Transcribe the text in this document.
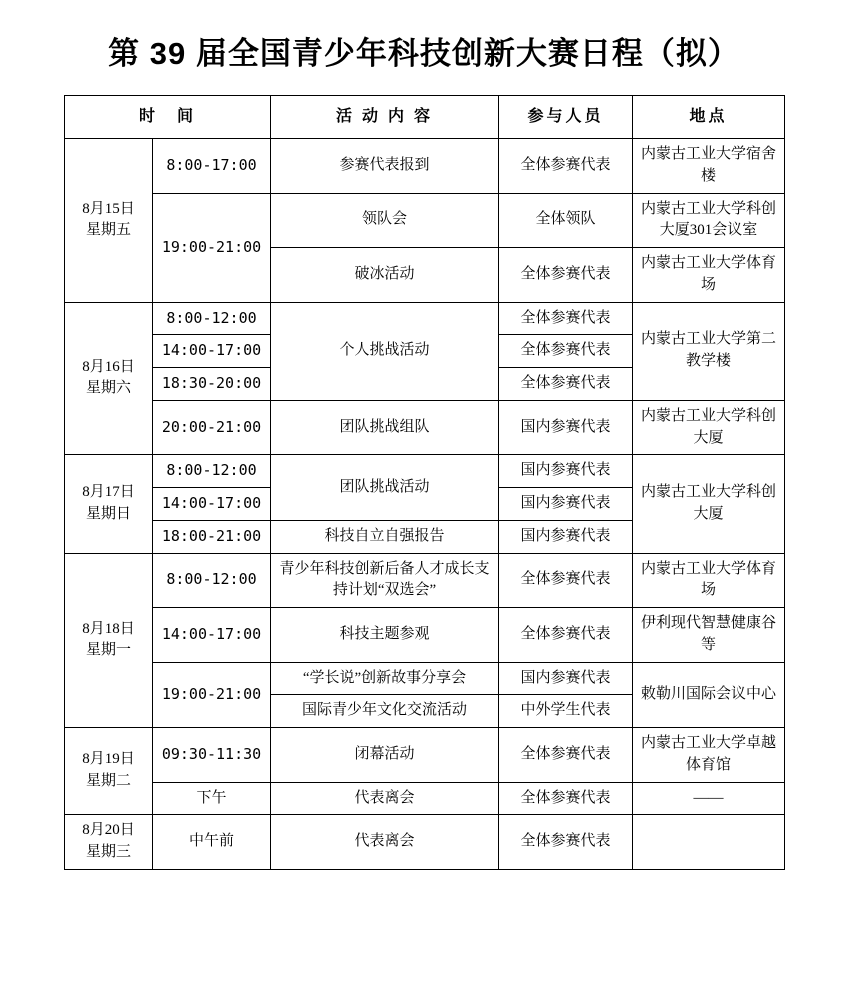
第 39 届全国青少年科技创新大赛日程（拟）
时　间		活 动 内 容	参与人员	地点
8月15日
星期五	8:00-17:00	参赛代表报到	全体参赛代表	内蒙古工业大学宿舍楼
	19:00-21:00	领队会	全体领队	内蒙古工业大学科创大厦301会议室
		破冰活动	全体参赛代表	内蒙古工业大学体育场
8月16日
星期六	8:00-12:00	个人挑战活动	全体参赛代表	内蒙古工业大学第二教学楼
	14:00-17:00		全体参赛代表	
	18:30-20:00		全体参赛代表	
	20:00-21:00	团队挑战组队	国内参赛代表	内蒙古工业大学科创大厦
8月17日
星期日	8:00-12:00	团队挑战活动	国内参赛代表	内蒙古工业大学科创大厦
	14:00-17:00		国内参赛代表	
	18:00-21:00	科技自立自强报告	国内参赛代表	
8月18日
星期一	8:00-12:00	青少年科技创新后备人才成长支持计划“双选会”	全体参赛代表	内蒙古工业大学体育场
	14:00-17:00	科技主题参观	全体参赛代表	伊利现代智慧健康谷等
	19:00-21:00	“学长说”创新故事分享会	国内参赛代表	敕勒川国际会议中心
		国际青少年文化交流活动	中外学生代表	
8月19日
星期二	09:30-11:30	闭幕活动	全体参赛代表	内蒙古工业大学卓越体育馆
	下午	代表离会	全体参赛代表	——
8月20日
星期三	中午前	代表离会	全体参赛代表	
